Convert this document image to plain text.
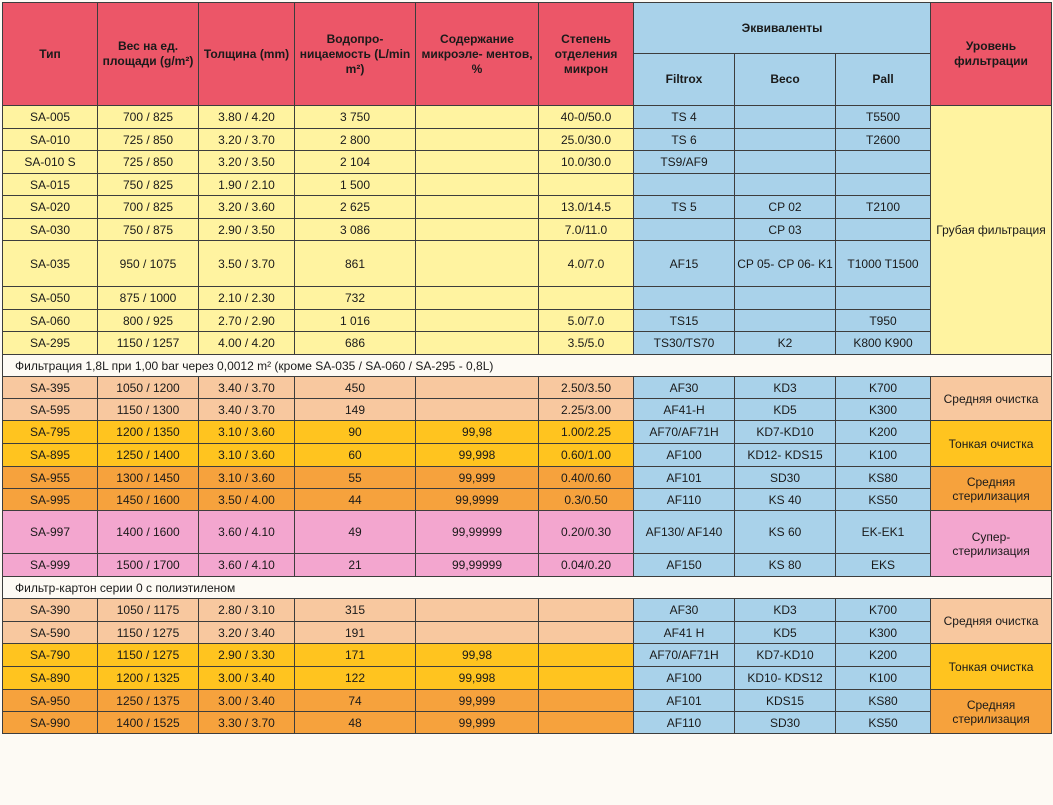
Тип	Вес на ед. площади (g/m²)	Толщина (mm)	Водопро- ницаемость (L/min m²)	Содержание микроэле- ментов, %	Степень отделения микрон	Эквиваленты			Уровень фильтрации
						Filtrox	Beco	Pall	
SA-005	700 / 825	3.80 / 4.20	3 750		40-0/50.0	TS 4		T5500	Грубая фильтрация
SA-010	725 / 850	3.20 / 3.70	2 800		25.0/30.0	TS 6		T2600	
SA-010 S	725 / 850	3.20 / 3.50	2 104		10.0/30.0	TS9/AF9			
SA-015	750 / 825	1.90 / 2.10	1 500						
SA-020	700 / 825	3.20 / 3.60	2 625		13.0/14.5	TS 5	CP 02	T2100	
SA-030	750 / 875	2.90 / 3.50	3 086		7.0/11.0		CP 03		
SA-035	950 / 1075	3.50 / 3.70	861		4.0/7.0	AF15	CP 05- CP 06- K1	T1000 T1500	
SA-050	875 / 1000	2.10 / 2.30	732						
SA-060	800 / 925	2.70 / 2.90	1 016		5.0/7.0	TS15		T950	
SA-295	1150 / 1257	4.00 / 4.20	686		3.5/5.0	TS30/TS70	K2	K800 K900	
Фильтрация 1,8L при 1,00 bar через 0,0012 m² (кроме SA-035 / SA-060 / SA-295 - 0,8L)									
SA-395	1050 / 1200	3.40 / 3.70	450		2.50/3.50	AF30	KD3	K700	Средняя очистка
SA-595	1150 / 1300	3.40 / 3.70	149		2.25/3.00	AF41-H	KD5	K300	
SA-795	1200 / 1350	3.10 / 3.60	90	99,98	1.00/2.25	AF70/AF71H	KD7-KD10	K200	Тонкая очистка
SA-895	1250 / 1400	3.10 / 3.60	60	99,998	0.60/1.00	AF100	KD12- KDS15	K100	
SA-955	1300 / 1450	3.10 / 3.60	55	99,999	0.40/0.60	AF101	SD30	KS80	Средняя стерилизация
SA-995	1450 / 1600	3.50 / 4.00	44	99,9999	0.3/0.50	AF110	KS 40	KS50	
SA-997	1400 / 1600	3.60 / 4.10	49	99,99999	0.20/0.30	AF130/ AF140	KS 60	EK-EK1	Супер- стерилизация
SA-999	1500 / 1700	3.60 / 4.10	21	99,99999	0.04/0.20	AF150	KS 80	EKS	
Фильтр-картон серии 0 с полиэтиленом									
SA-390	1050 / 1175	2.80 / 3.10	315			AF30	KD3	K700	Средняя очистка
SA-590	1150 / 1275	3.20 / 3.40	191			AF41 H	KD5	K300	
SA-790	1150 / 1275	2.90 / 3.30	171	99,98		AF70/AF71H	KD7-KD10	K200	Тонкая очистка
SA-890	1200 / 1325	3.00 / 3.40	122	99,998		AF100	KD10- KDS12	K100	
SA-950	1250 / 1375	3.00 / 3.40	74	99,999		AF101	KDS15	KS80	Средняя стерилизация
SA-990	1400 / 1525	3.30 / 3.70	48	99,999		AF110	SD30	KS50	
